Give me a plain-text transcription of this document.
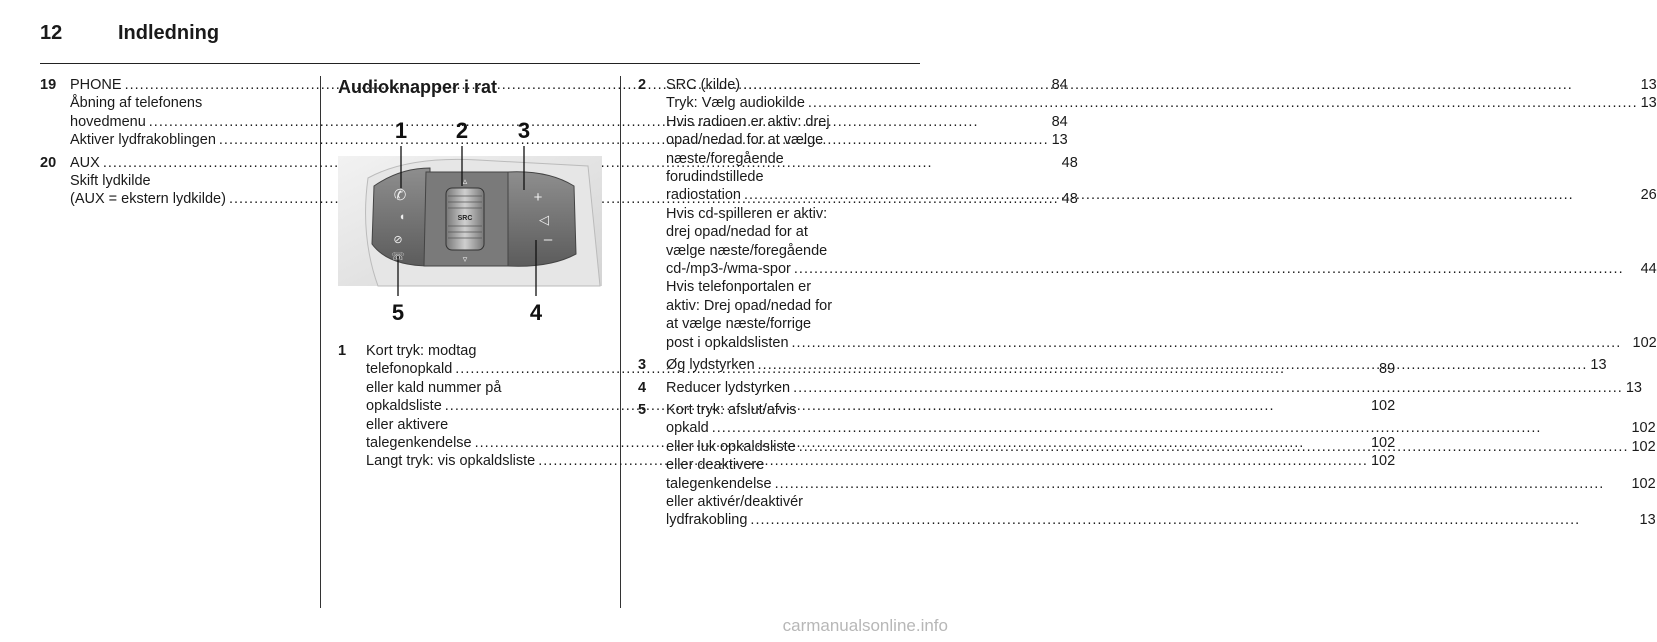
12	Indledning
19 PHONE .....	84
Åbning af telefonens
hovedmenu .....	84
Aktiver lydfrakoblingen .....	13
20 AUX .....	48
Skift lydkilde
(AUX = ekstern lydkilde) .....	48
Audioknapper i rat
SRC
▵
▿
✆
◖
⊘
☏
+
◁
–
1 2 3
4
5
1	Kort tryk: modtag
telefonopkald .....	89
eller kald nummer på
opkaldsliste .....	102
eller aktivere
talegenkendelse .....	102
Langt tryk: vis opkaldsliste .....	102
2	SRC (kilde) .....	13
Tryk: Vælg audiokilde .....	13
Hvis radioen er aktiv: drej
opad/nedad for at vælge
næste/foregående
forudindstillede
radiostation .....	26
Hvis cd-spilleren er aktiv:
drej opad/nedad for at
vælge næste/foregående
cd-/mp3-/wma-spor .....	44
Hvis telefonportalen er
aktiv: Drej opad/nedad for
at vælge næste/forrige
post i opkaldslisten .....	102
3	Øg lydstyrken .....	13
4	Reducer lydstyrken .....	13
5	Kort tryk: afslut/afvis
opkald .....	102
eller luk opkaldsliste .....	102
eller deaktivere
talegenkendelse .....	102
eller aktivér/deaktivér
lydfrakobling .....	13
carmanualsonline.info
